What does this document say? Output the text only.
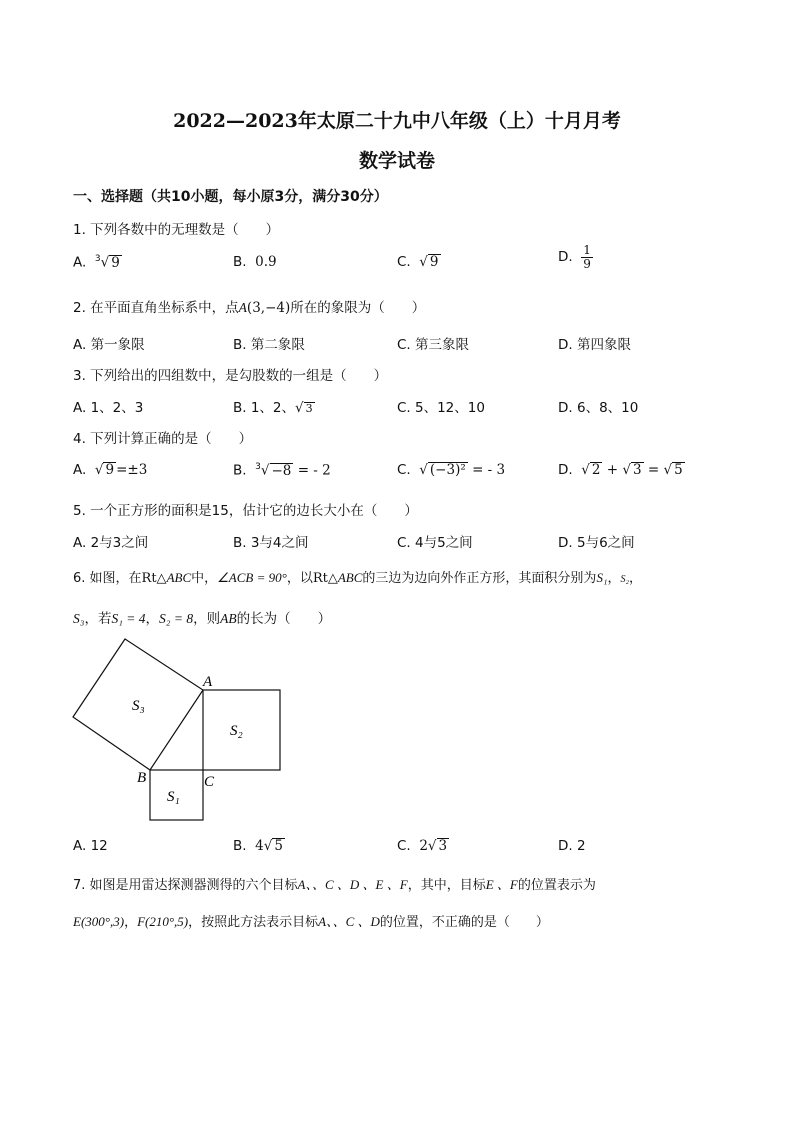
2022—2023年太原二十九中八年级（上）十月月考
数学试卷
一、选择题（共10小题，每小原3分，满分30分）
1. 下列各数中的无理数是（　　）
A. $^3$√ 9	B. 0.9	C.  √ 9	D. $\frac{1}{9}$
2. 在平面直角坐标系中，点A(3,−4)所在的象限为（　　）
A. 第一象限	B. 第二象限	C. 第三象限	D. 第四象限
3. 下列给出的四组数中，是勾股数的一组是（　　）
A. 1、2、3	B. 1、2、√ 3	C. 5、12、10	D. 6、8、10
4. 下列计算正确的是（　　）
A.  √ 9 =±3	B. $^3$√ −8 = - 2	C.  √ (−3)² = - 3	D.  √ 2 + √ 3 = √ 5
5. 一个正方形的面积是15，估计它的边长大小在（　　）
A. 2与3之间	B. 3与4之间	C. 4与5之间	D. 5与6之间
6. 如图，在Rt△ABC中，∠ACB = 90°，以Rt△ABC的三边为边向外作正方形，其面积分别为S₁，S₂，
S₃，若S₁ = 4，S₂ = 8，则AB的长为（　　）
A
B	C
S₃
S₂
S₁
A. 12	B. 4√ 5	C. 2√ 3	D. 2
7. 如图是用雷达探测器测得的六个目标A、、C 、D 、E 、F，其中，目标E 、F的位置表示为
E(300°,3)，F(210°,5)，按照此方法表示目标A、、C 、D的位置，不正确的是（　　）
